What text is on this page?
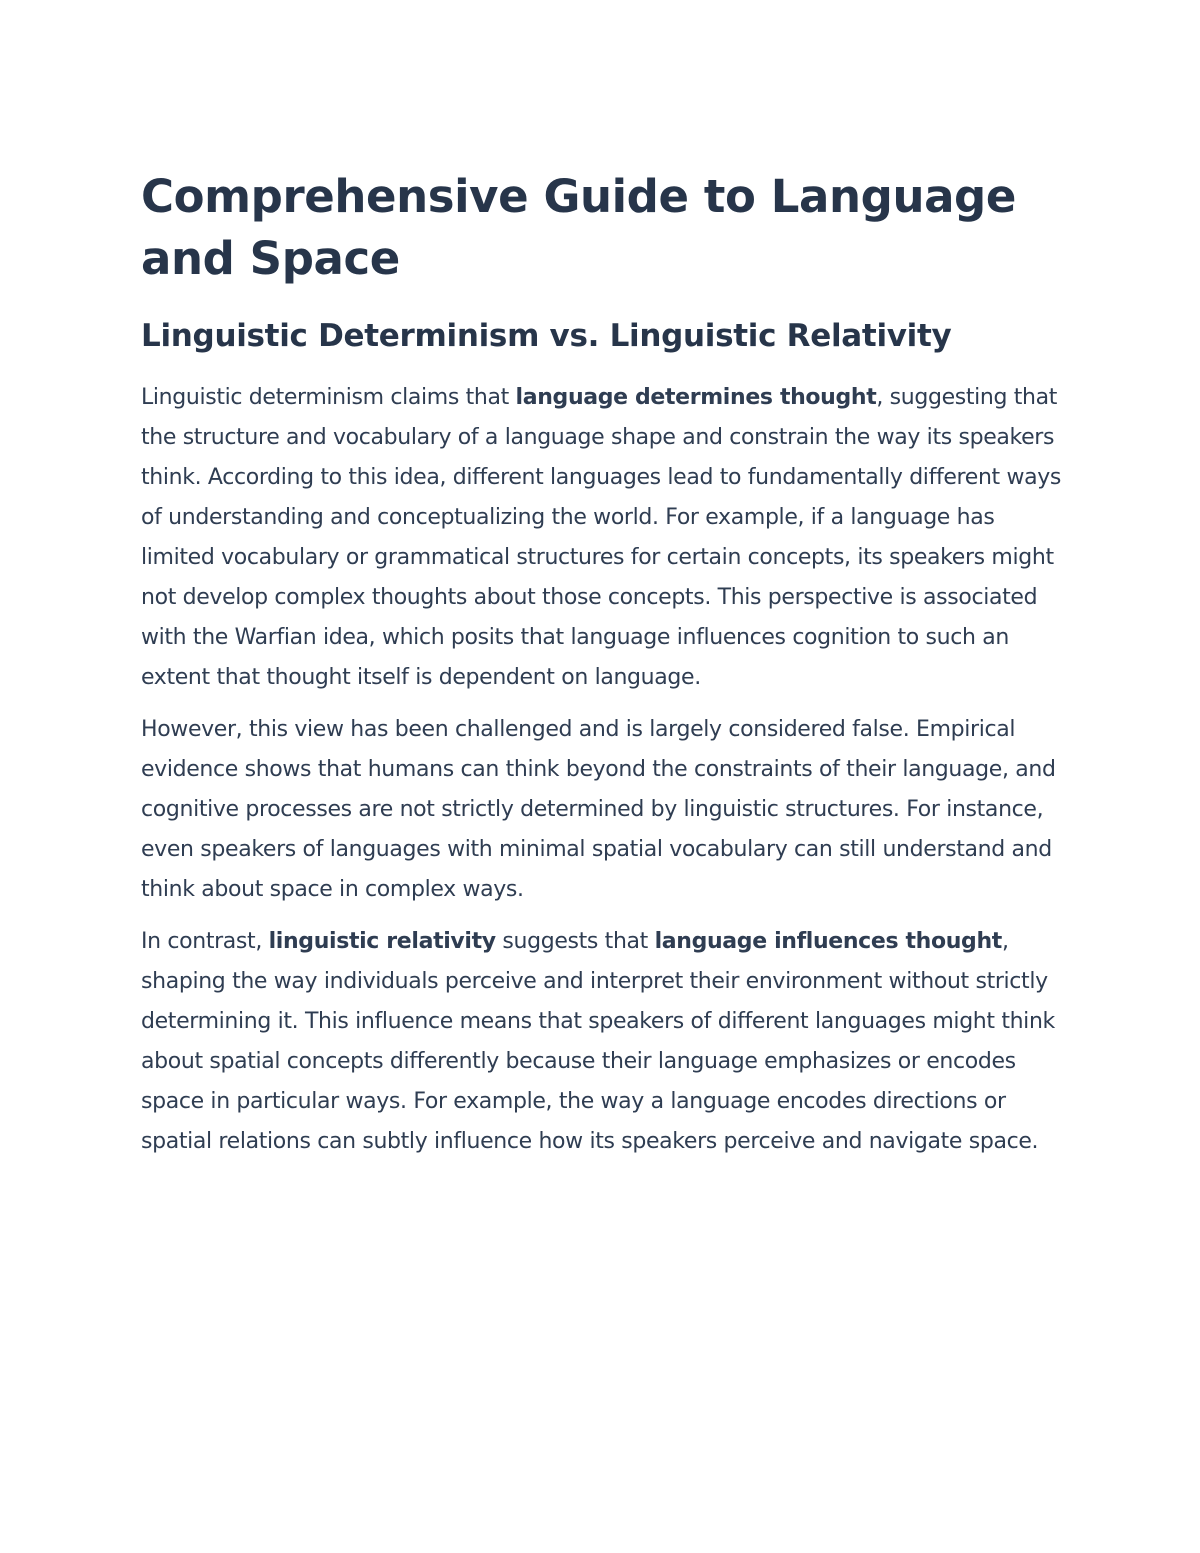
Comprehensive Guide to Language and Space
Linguistic Determinism vs. Linguistic Relativity

Linguistic determinism claims that language determines thought, suggesting that the structure and vocabulary of a language shape and constrain the way its speakers think. According to this idea, different languages lead to fundamentally different ways of understanding and conceptualizing the world. For example, if a language has limited vocabulary or grammatical structures for certain concepts, its speakers might not develop complex thoughts about those concepts. This perspective is associated with the Warfian idea, which posits that language influences cognition to such an extent that thought itself is dependent on language.

However, this view has been challenged and is largely considered false. Empirical evidence shows that humans can think beyond the constraints of their language, and cognitive processes are not strictly determined by linguistic structures. For instance, even speakers of languages with minimal spatial vocabulary can still understand and think about space in complex ways.

In contrast, linguistic relativity suggests that language influences thought, shaping the way individuals perceive and interpret their environment without strictly determining it. This influence means that speakers of different languages might think about spatial concepts differently because their language emphasizes or encodes space in particular ways. For example, the way a language encodes directions or spatial relations can subtly influence how its speakers perceive and navigate space.
